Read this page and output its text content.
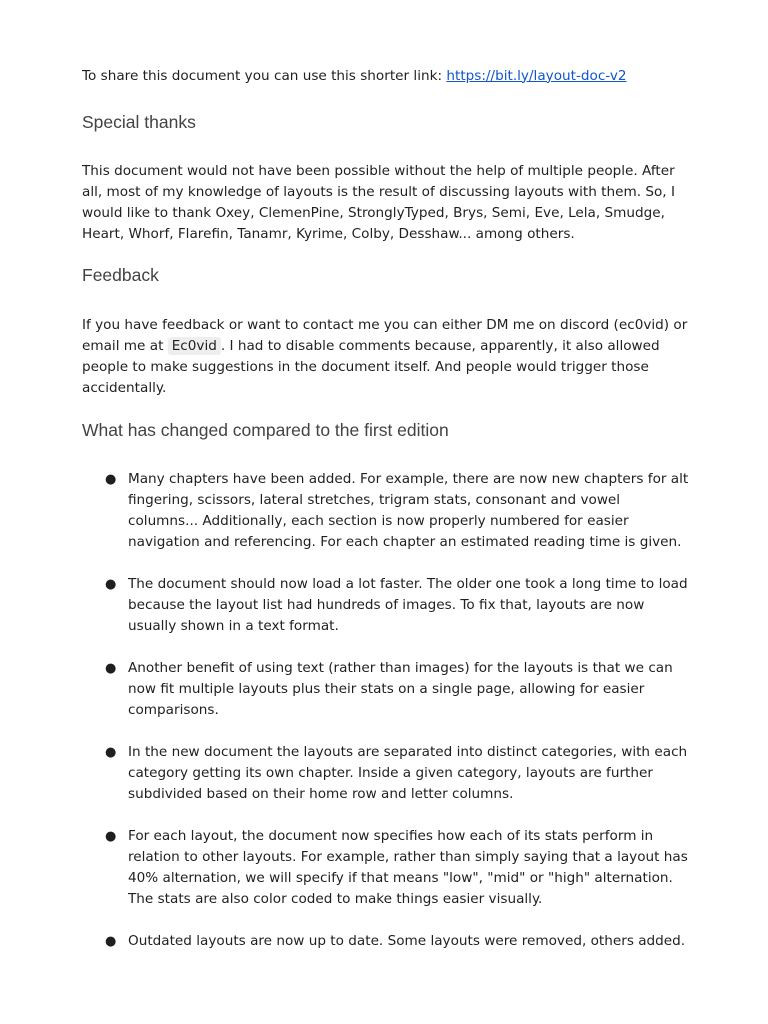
To share this document you can use this shorter link: https://bit.ly/layout-doc-v2

Special thanks

This document would not have been possible without the help of multiple people. After all, most of my knowledge of layouts is the result of discussing layouts with them. So, I would like to thank Oxey, ClemenPine, StronglyTyped, Brys, Semi, Eve, Lela, Smudge, Heart, Whorf, Flarefin, Tanamr, Kyrime, Colby, Desshaw... among others.

Feedback

If you have feedback or want to contact me you can either DM me on discord (ec0vid) or email me at Ec0vid . I had to disable comments because, apparently, it also allowed people to make suggestions in the document itself. And people would trigger those accidentally.

What has changed compared to the first edition
● Many chapters have been added. For example, there are now new chapters for alt fingering, scissors, lateral stretches, trigram stats, consonant and vowel columns... Additionally, each section is now properly numbered for easier navigation and referencing. For each chapter an estimated reading time is given.
● The document should now load a lot faster. The older one took a long time to load because the layout list had hundreds of images. To fix that, layouts are now usually shown in a text format.
● Another benefit of using text (rather than images) for the layouts is that we can now fit multiple layouts plus their stats on a single page, allowing for easier comparisons.
● In the new document the layouts are separated into distinct categories, with each category getting its own chapter. Inside a given category, layouts are further subdivided based on their home row and letter columns.
● For each layout, the document now specifies how each of its stats perform in relation to other layouts. For example, rather than simply saying that a layout has 40% alternation, we will specify if that means "low", "mid" or "high" alternation. The stats are also color coded to make things easier visually.
● Outdated layouts are now up to date. Some layouts were removed, others added.
